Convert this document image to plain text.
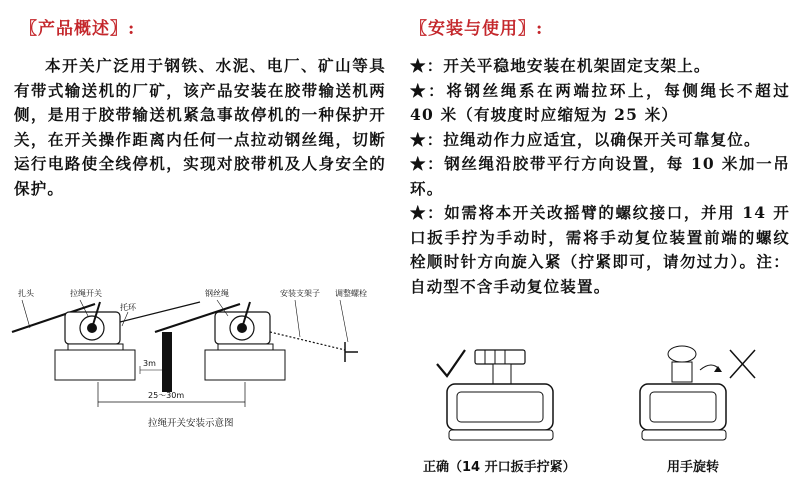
〖产品概述〗:
本开关广泛用于钢铁、水泥、电厂、矿山等具有带式输送机的厂矿，该产品安装在胶带输送机两侧，是用于胶带输送机紧急事故停机的一种保护开关，在开关操作距离内任何一点拉动钢丝绳，切断运行电路使全线停机，实现对胶带机及人身安全的保护。
扎头	拉绳开关
托环
钢丝绳	安装支架子 调整螺栓
3m
25～30m
拉绳开关安装示意图
〖安装与使用〗:

★：开关平稳地安装在机架固定支架上。

★：将钢丝绳系在两端拉环上，每侧绳长不超过 40 米（有坡度时应缩短为 25 米）

★：拉绳动作力应适宜，以确保开关可靠复位。

★：钢丝绳沿胶带平行方向设置，每 10 米加一吊环。

★：如需将本开关改摇臂的螺纹接口，并用 14 开口扳手拧为手动时，需将手动复位装置前端的螺纹栓顺时针方向旋入紧（拧紧即可，请勿过力）。注：自动型不含手动复位装置。

正确（14 开口扳手拧紧）	用手旋转
